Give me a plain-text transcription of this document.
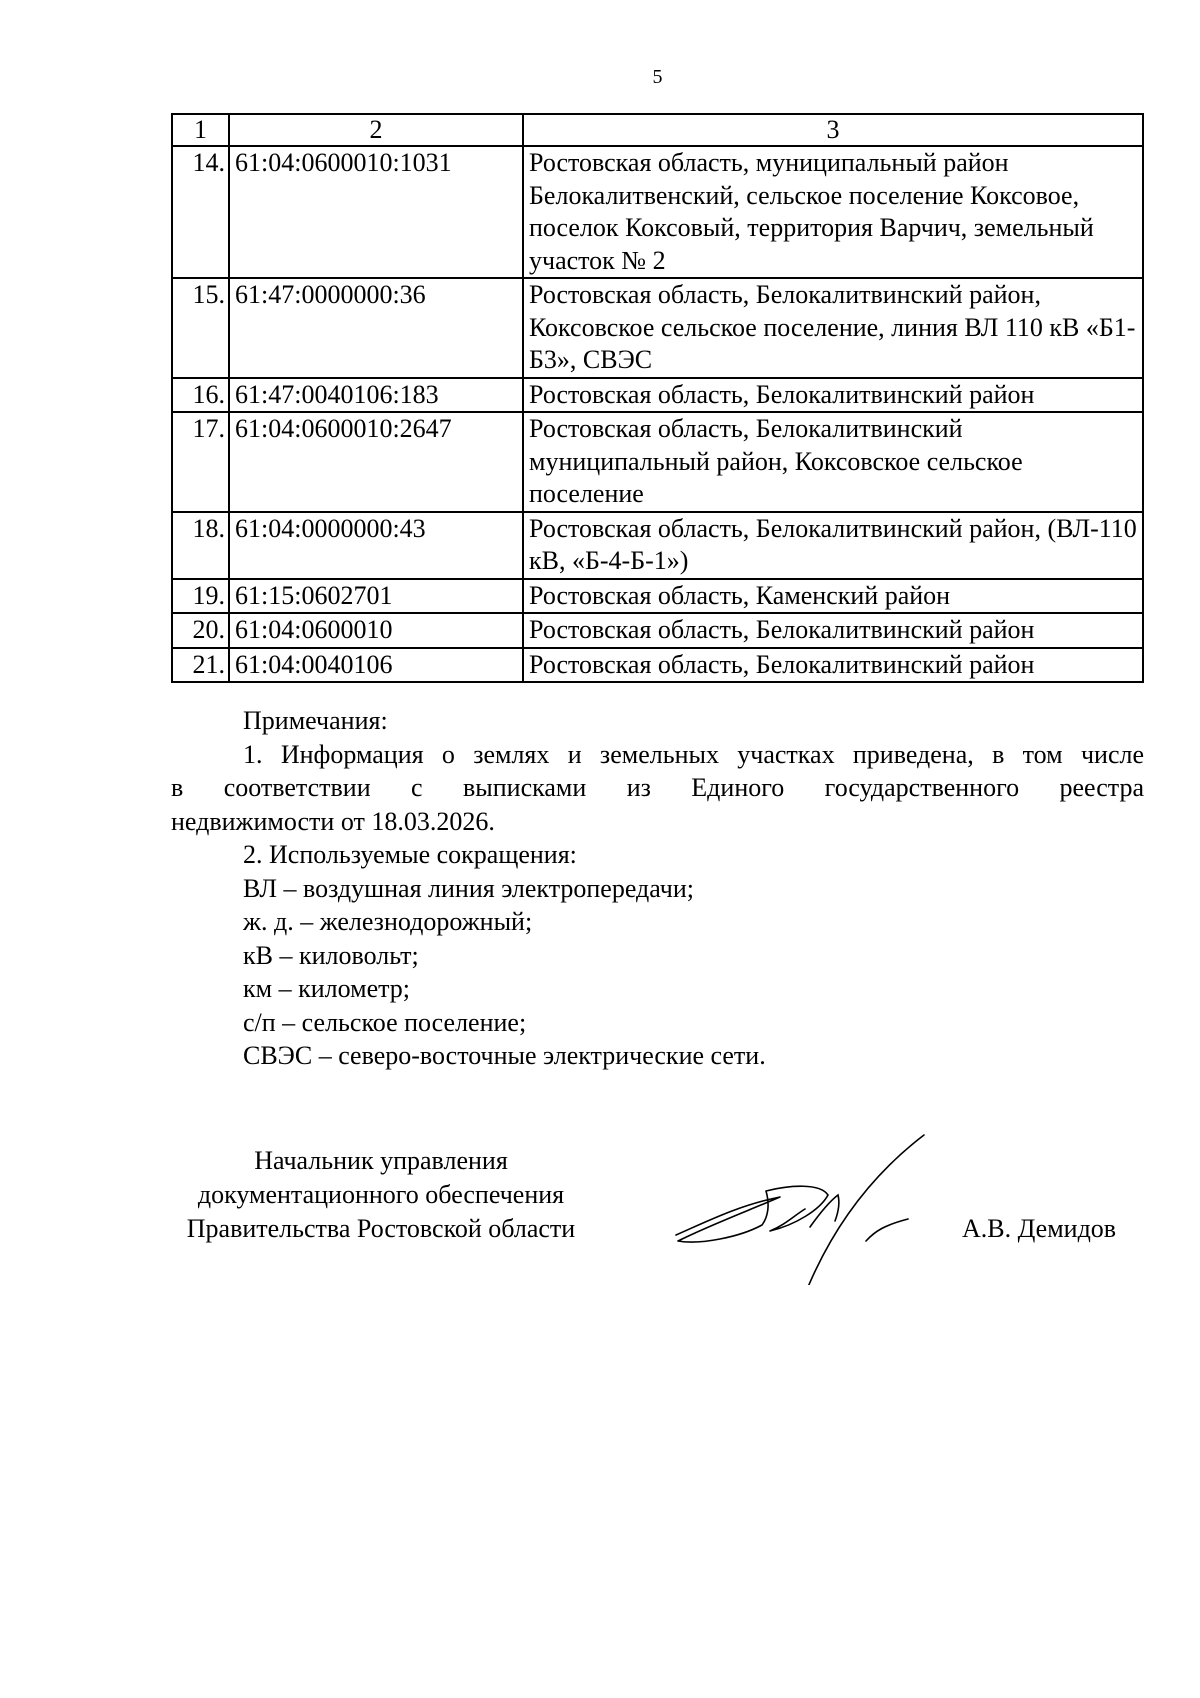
5
1	2	3
14.	61:04:0600010:1031	Ростовская область, муниципальный район Белокалитвенский, сельское поселение Коксовое, поселок Коксовый, территория Варчич, земельный участок № 2
15.	61:47:0000000:36	Ростовская область, Белокалитвинский район, Коксовское сельское поселение, линия ВЛ 110 кВ «Б1-Б3», СВЭС
16.	61:47:0040106:183	Ростовская область, Белокалитвинский район
17.	61:04:0600010:2647	Ростовская область, Белокалитвинский муниципальный район, Коксовское сельское поселение
18.	61:04:0000000:43	Ростовская область, Белокалитвинский район, (ВЛ-110 кВ, «Б-4-Б-1»)
19.	61:15:0602701	Ростовская область, Каменский район
20.	61:04:0600010	Ростовская область, Белокалитвинский район
21.	61:04:0040106	Ростовская область, Белокалитвинский район

Примечания:

1. Информация о землях и земельных участках приведена, в том числе

в соответствии с выписками из Единого государственного реестра

недвижимости от 18.03.2026.

2. Используемые сокращения:

ВЛ – воздушная линия электропередачи;

ж. д. – железнодорожный;

кВ – киловольт;

км – километр;

с/п – сельское поселение;

СВЭС – северо-восточные электрические сети.

Начальник управления

документационного обеспечения

Правительства Ростовской области	А.В. Демидов
